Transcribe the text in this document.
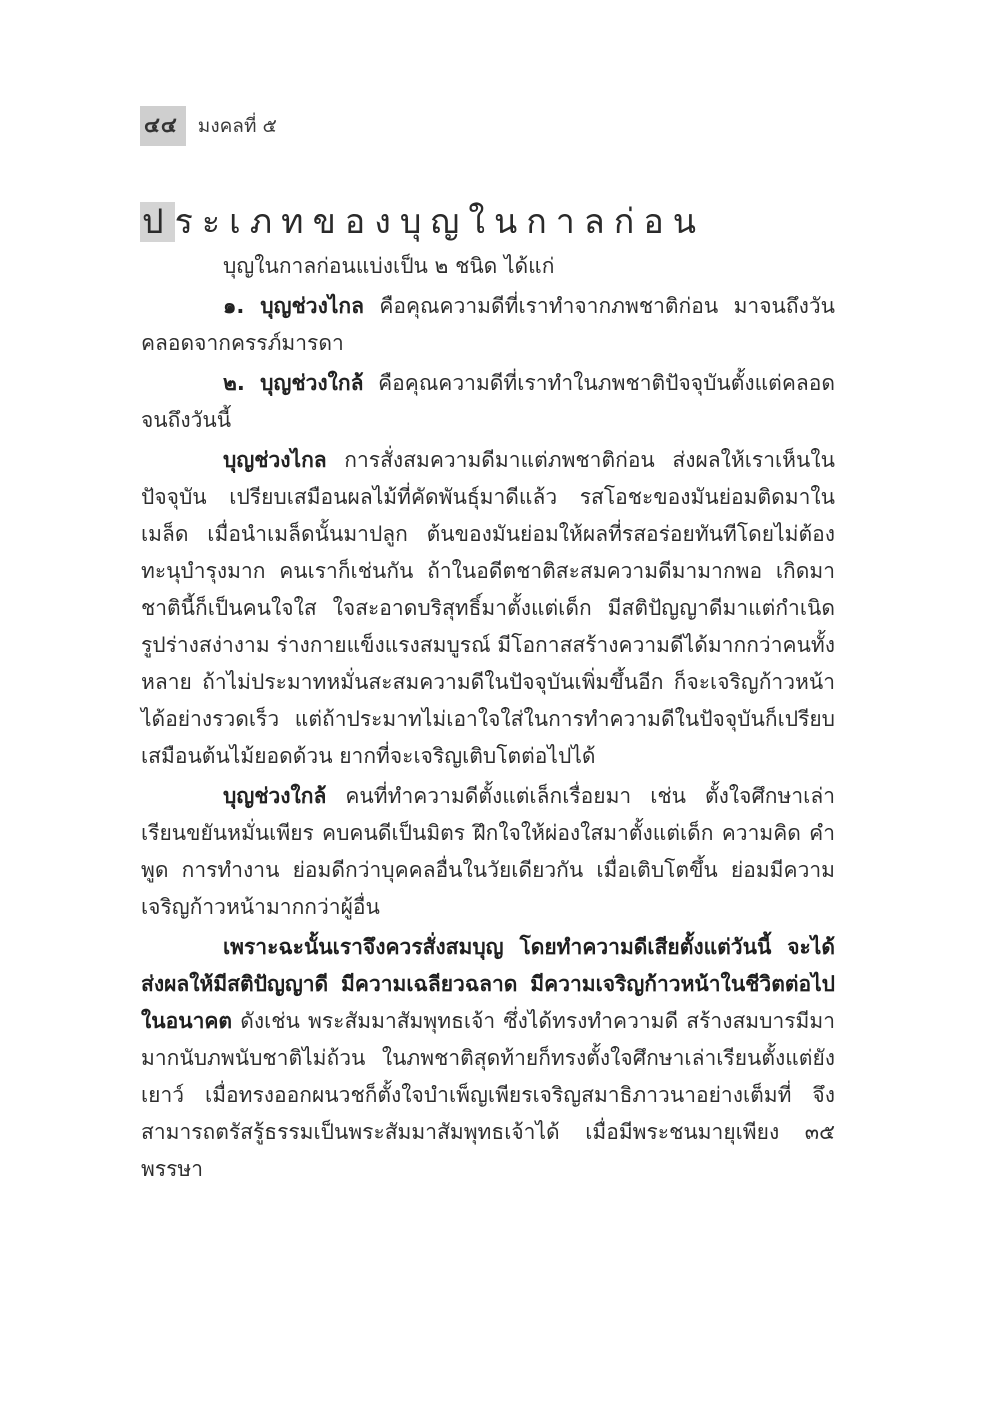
๔๔	มงคลที่ ๕
ประเภทของบุญในกาลก่อน

บุญในกาลก่อนแบ่งเป็น ๒ ชนิด ได้แก่

๑. บุญช่วงไกล คือคุณความดีที่เราทำจากภพชาติก่อน มาจนถึงวันคลอดจากครรภ์มารดา

๒. บุญช่วงใกล้ คือคุณความดีที่เราทำในภพชาติปัจจุบันตั้งแต่คลอดจนถึงวันนี้

บุญช่วงไกล การสั่งสมความดีมาแต่ภพชาติก่อน ส่งผลให้เราเห็นในปัจจุบัน เปรียบเสมือนผลไม้ที่คัดพันธุ์มาดีแล้ว รสโอชะของมันย่อมติดมาในเมล็ด เมื่อนำเมล็ดนั้นมาปลูก ต้นของมันย่อมให้ผลที่รสอร่อยทันทีโดยไม่ต้องทะนุบำรุงมาก คนเราก็เช่นกัน ถ้าในอดีตชาติสะสมความดีมามากพอ เกิดมาชาตินี้ก็เป็นคนใจใส ใจสะอาดบริสุทธิ์มาตั้งแต่เด็ก มีสติปัญญาดีมาแต่กำเนิด รูปร่างสง่างาม ร่างกายแข็งแรงสมบูรณ์ มีโอกาสสร้างความดีได้มากกว่าคนทั้งหลาย ถ้าไม่ประมาทหมั่นสะสมความดีในปัจจุบันเพิ่มขึ้นอีก ก็จะเจริญก้าวหน้าได้อย่างรวดเร็ว แต่ถ้าประมาทไม่เอาใจใส่ในการทำความดีในปัจจุบันก็เปรียบเสมือนต้นไม้ยอดด้วน ยากที่จะเจริญเติบโตต่อไปได้

บุญช่วงใกล้ คนที่ทำความดีตั้งแต่เล็กเรื่อยมา เช่น ตั้งใจศึกษาเล่าเรียนขยันหมั่นเพียร คบคนดีเป็นมิตร ฝึกใจให้ผ่องใสมาตั้งแต่เด็ก ความคิด คำพูด การทำงาน ย่อมดีกว่าบุคคลอื่นในวัยเดียวกัน เมื่อเติบโตขึ้น ย่อมมีความเจริญก้าวหน้ามากกว่าผู้อื่น

เพราะฉะนั้นเราจึงควรสั่งสมบุญ โดยทำความดีเสียตั้งแต่วันนี้ จะได้ส่งผลให้มีสติปัญญาดี มีความเฉลียวฉลาด มีความเจริญก้าวหน้าในชีวิตต่อไปในอนาคต ดังเช่น พระสัมมาสัมพุทธเจ้า ซึ่งได้ทรงทำความดี สร้างสมบารมีมามากนับภพนับชาติไม่ถ้วน ในภพชาติสุดท้ายก็ทรงตั้งใจศึกษาเล่าเรียนตั้งแต่ยังเยาว์ เมื่อทรงออกผนวชก็ตั้งใจบำเพ็ญเพียรเจริญสมาธิภาวนาอย่างเต็มที่ จึงสามารถตรัสรู้ธรรมเป็นพระสัมมาสัมพุทธเจ้าได้ เมื่อมีพระชนมายุเพียง ๓๕ พรรษา
